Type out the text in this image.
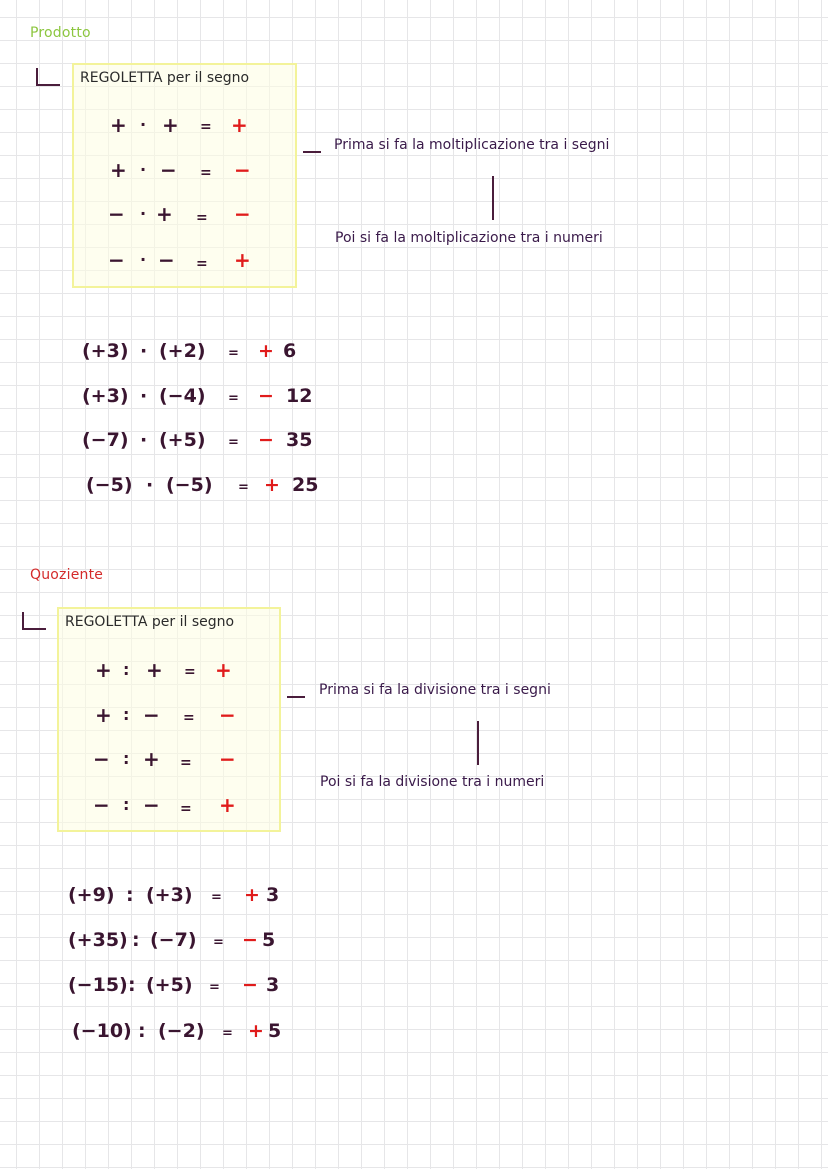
Prodotto
REGOLETTA per il segno
+ · + = +
+ · − = −
− · + = −
− · − = +
Prima si fa la moltiplicazione tra i segni
Poi si fa la moltiplicazione tra i numeri
(+3) · (+2) = + 6
(+3) · (−4) = − 12
(−7) · (+5) = − 35
(−5) · (−5) = + 25
Quoziente
REGOLETTA per il segno
+ : + = +
+ : − = −
− : + = −
− : − = +
Prima si fa la divisione tra i segni
Poi si fa la divisione tra i numeri
(+9) : (+3) = + 3
(+35) : (−7) = − 5
(−15) : (+5) = − 3
(−10) : (−2) = + 5
